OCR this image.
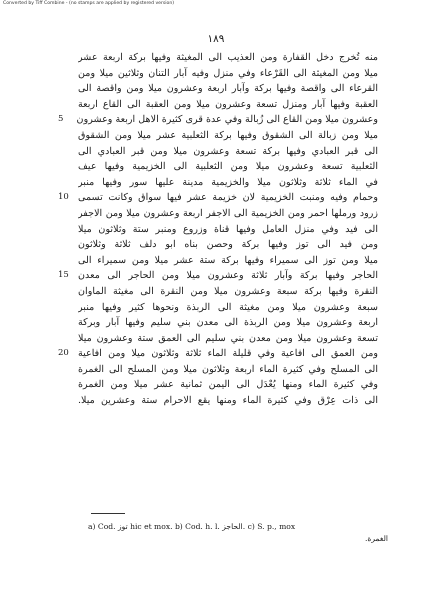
Converted by Tiff Combine - (no stamps are applied by registered version)
١٨٩
منه تُخرج دخل القفارة ومن العذيب الى المغيثة وفيها بركة اربعة عشر
ميلا ومن المغيثة الى القَرْعاء وفي منزل وفيه آبار التنان وثلاثين ميلا ومن
القرعاء الى واقصة وفيها بركة وآبار اربعة وعشرون ميلا ومن واقصة الى
العقبة وفيها آبار ومنزل تسعة وعشرون ميلا ومن العقبة الى القاع اربعة
وعشرون ميلا ومن القاع الى زُبالة وفي عدة قرى كثيرة الاهل اربعة وعشرون
5
ميلا ومن زبالة الى الشقوق وفيها بركة الثعلبية عشر ميلا ومن الشقوق
الى قبر العبادي وفيها بركة تسعة وعشرون ميلا ومن قبر العبادي الى
الثعلبية تسعة وعشرون ميلا ومن الثعلبية الى الخزيمية وفيها عيف
في الماء ثلاثة وثلاثون ميلا والخزيمية مدينة عليها سور وفيها منبر
وحمام وفيه ومنبت الخزيمية لان خزيمة عشر فيها سواق وكانت تسمى
10
زرود ورملها احمر ومن الخزيمية الى الاجفر اربعة وعشرون ميلا ومن الاجفر
الى فيد وفي منزل العامل وفيها قناة وزروع ومنبر ستة وثلاثون ميلا
ومن فيد الى توز وفيها بركة وحصن بناه ابو دلف ثلاثة وثلاثون
ميلا ومن توز الى سميراء وفيها بركة ستة عشر ميلا ومن سميراء الى
الحاجر وفيها بركة وآبار ثلاثة وعشرون ميلا ومن الحاجر الى معدن
15
النقرة وفيها بركة سبعة وعشرون ميلا ومن النقرة الى مغيثة الماوان
سبعة وعشرون ميلا ومن مغيثة الى الربذة ونحوها كثير وفيها منبر
اربعة وعشرون ميلا ومن الربذة الى معدن بني سليم وفيها آبار وبركة
تسعة وعشرون ميلا ومن معدن بني سليم الى العمق ستة وعشرون ميلا
ومن العمق الى افاعية وفي قليلة الماء ثلاثة وثلاثون ميلا ومن افاعية
20
الى المسلح وفي كثيرة الماء اربعة وثلاثون ميلا ومن المسلح الى الغمرة
وفي كثيرة الماء ومنها يُعْدَل الى اليمن ثمانية عشر ميلا ومن الغمرة
الى ذات عِرْق وفي كثيرة الماء ومنها يقع الاحرام ستة وعشرين ميلا.
a) Cod. توز hic et mox. b) Cod. h. l. الحاجز. c) S. p., mox
الغمرة.
